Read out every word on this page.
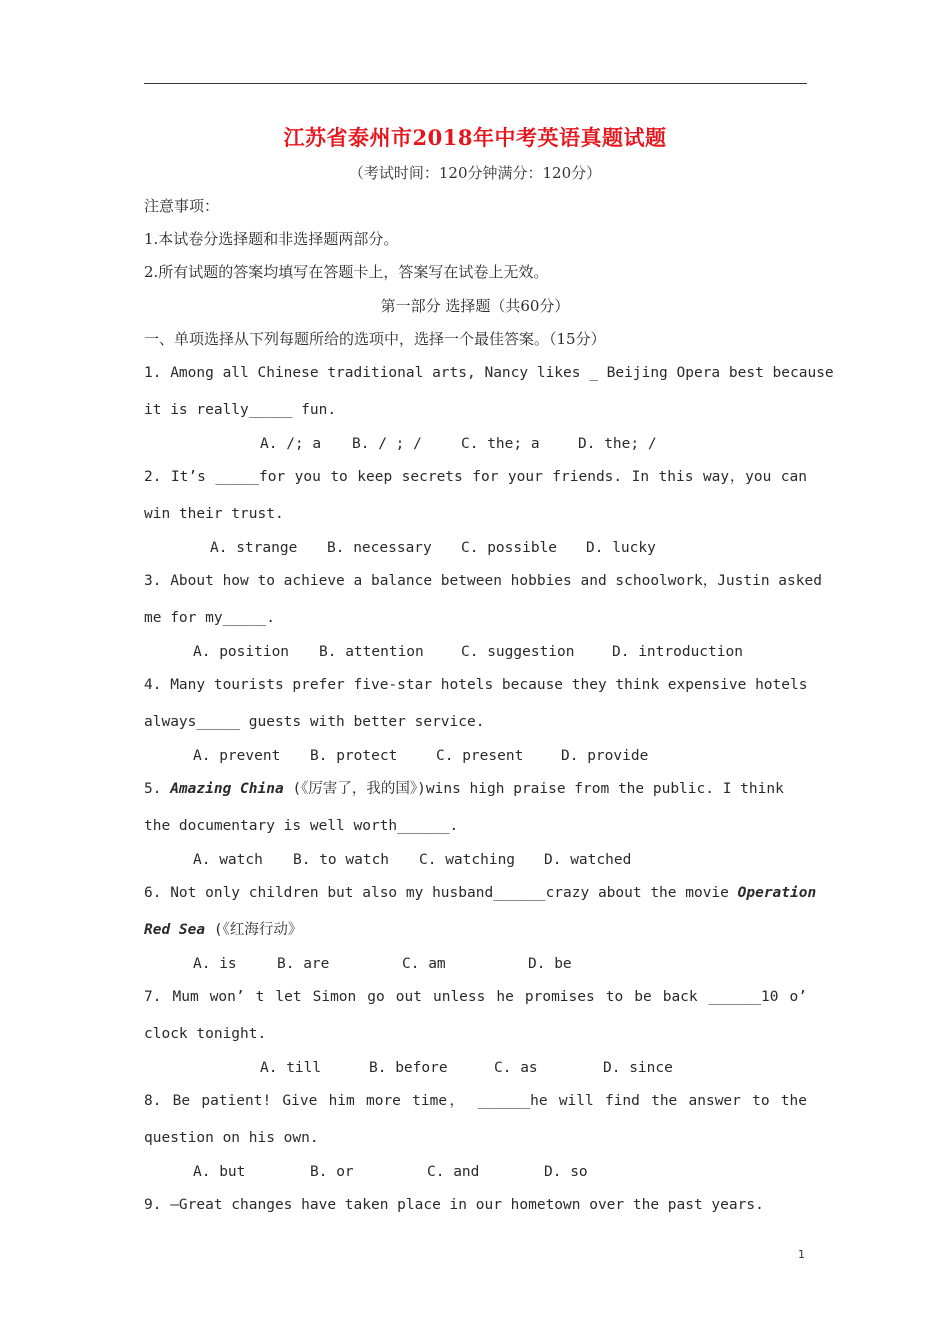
江苏省泰州市2018年中考英语真题试题
（考试时间：120分钟满分：120分）
注意事项：
1.本试卷分选择题和非选择题两部分。
2.所有试题的答案均填写在答题卡上，答案写在试卷上无效。
第一部分 选择题（共60分）
一、单项选择从下列每题所给的选项中，选择一个最佳答案。（15分）
1. Among all Chinese traditional arts, Nancy likes _ Beijing Opera best because
it is really_____ fun.
A. /; a B. / ; /	C. the; a	D. the; /
2. It’s _____for you to keep secrets for your friends. In this way，you can
win their trust.
A. strange B. necessary C. possible D. lucky
3. About how to achieve a balance between hobbies and schoolwork，Justin asked
me for my_____.
A. position B. attention	C. suggestion	D. introduction
4. Many tourists prefer five-star hotels because they think expensive hotels
always_____ guests with better service.
A. prevent B. protect	C. present	D. provide
5. Amazing China (《厉害了，我的国》)wins high praise from the public. I think
the documentary is well worth______.
A. watch B. to watch C. watching D. watched
6. Not only children but also my husband______crazy about the movie Operation
Red Sea (《红海行动》
A. is	B. are	C. am	D. be
7. Mum won’ t let Simon go out unless he promises to be back ______10 o’
clock tonight.
A. till	B. before	C. as	D. since
8. Be patient! Give him more time， ______he will find the answer to the
question on his own.
A. but	B. or	C. and	D. so
9. —Great changes have taken place in our hometown over the past years.
1
